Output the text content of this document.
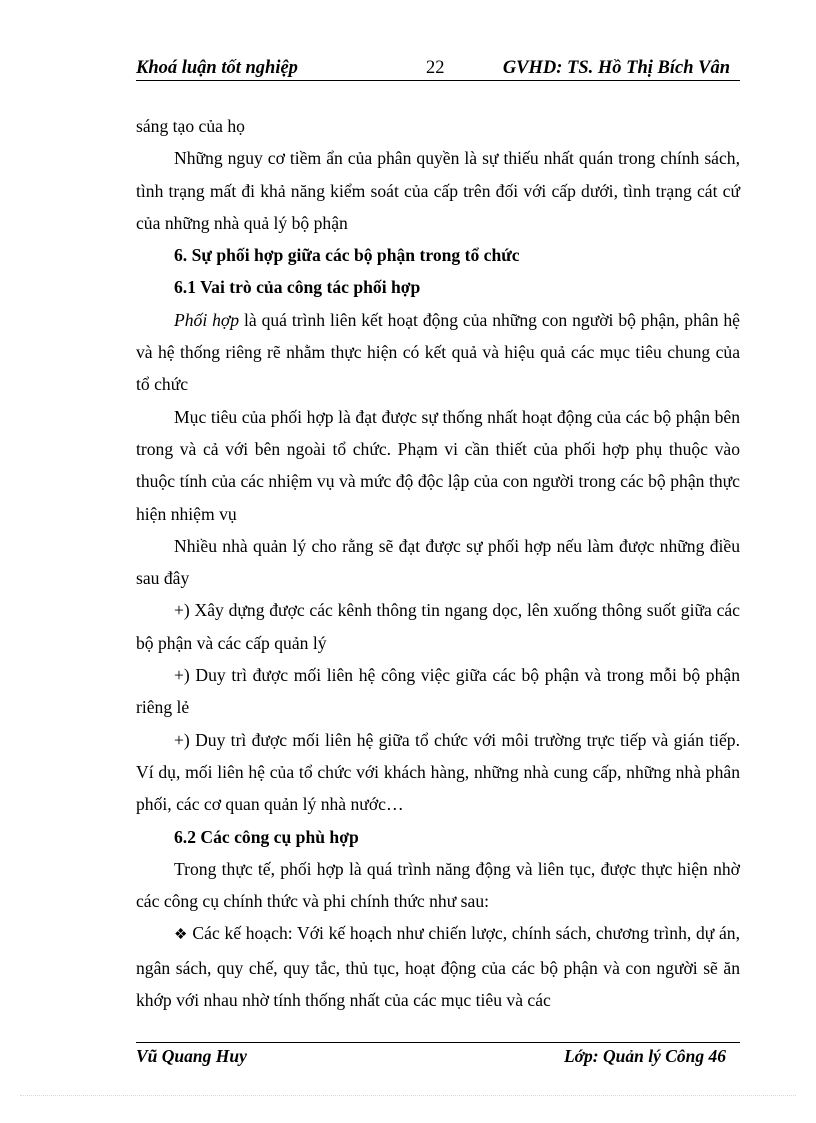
Khoá luận tốt nghiệp	22	GVHD: TS. Hồ Thị Bích Vân

sáng tạo của họ

Những nguy cơ tiềm ẩn của phân quyền là sự thiếu nhất quán trong chính sách, tình trạng mất đi khả năng kiểm soát của cấp trên đối với cấp dưới, tình trạng cát cứ của những nhà quả lý bộ phận

6. Sự phối hợp giữa các bộ phận trong tổ chức

6.1 Vai trò của công tác phối hợp

Phối hợp là quá trình liên kết hoạt động của những con người bộ phận, phân hệ và hệ thống riêng rẽ nhằm thực hiện có kết quả và hiệu quả các mục tiêu chung của tổ chức

Mục tiêu của phối hợp là đạt được sự thống nhất hoạt động của các bộ phận bên trong và cả với bên ngoài tổ chức. Phạm vi cần thiết của phối hợp phụ thuộc vào thuộc tính của các nhiệm vụ và mức độ độc lập của con người trong các bộ phận thực hiện nhiệm vụ

Nhiều nhà quản lý cho rằng sẽ đạt được sự phối hợp nếu làm được những điều sau đây

+) Xây dựng được các kênh thông tin ngang dọc, lên xuống thông suốt giữa các bộ phận và các cấp quản lý

+) Duy trì được mối liên hệ công việc giữa các bộ phận và trong mỗi bộ phận riêng lẻ

+) Duy trì được mối liên hệ giữa tổ chức với môi trường trực tiếp và gián tiếp. Ví dụ, mối liên hệ của tổ chức với khách hàng, những nhà cung cấp, những nhà phân phối, các cơ quan quản lý nhà nước…

6.2 Các công cụ phù hợp

Trong thực tế, phối hợp là quá trình năng động và liên tục, được thực hiện nhờ các công cụ chính thức và phi chính thức như sau:

❖ Các kế hoạch: Với kế hoạch như chiến lược, chính sách, chương trình, dự án, ngân sách, quy chế, quy tắc, thủ tục, hoạt động của các bộ phận và con người sẽ ăn khớp với nhau nhờ tính thống nhất của các mục tiêu và các

Vũ Quang Huy	Lớp: Quản lý Công 46
